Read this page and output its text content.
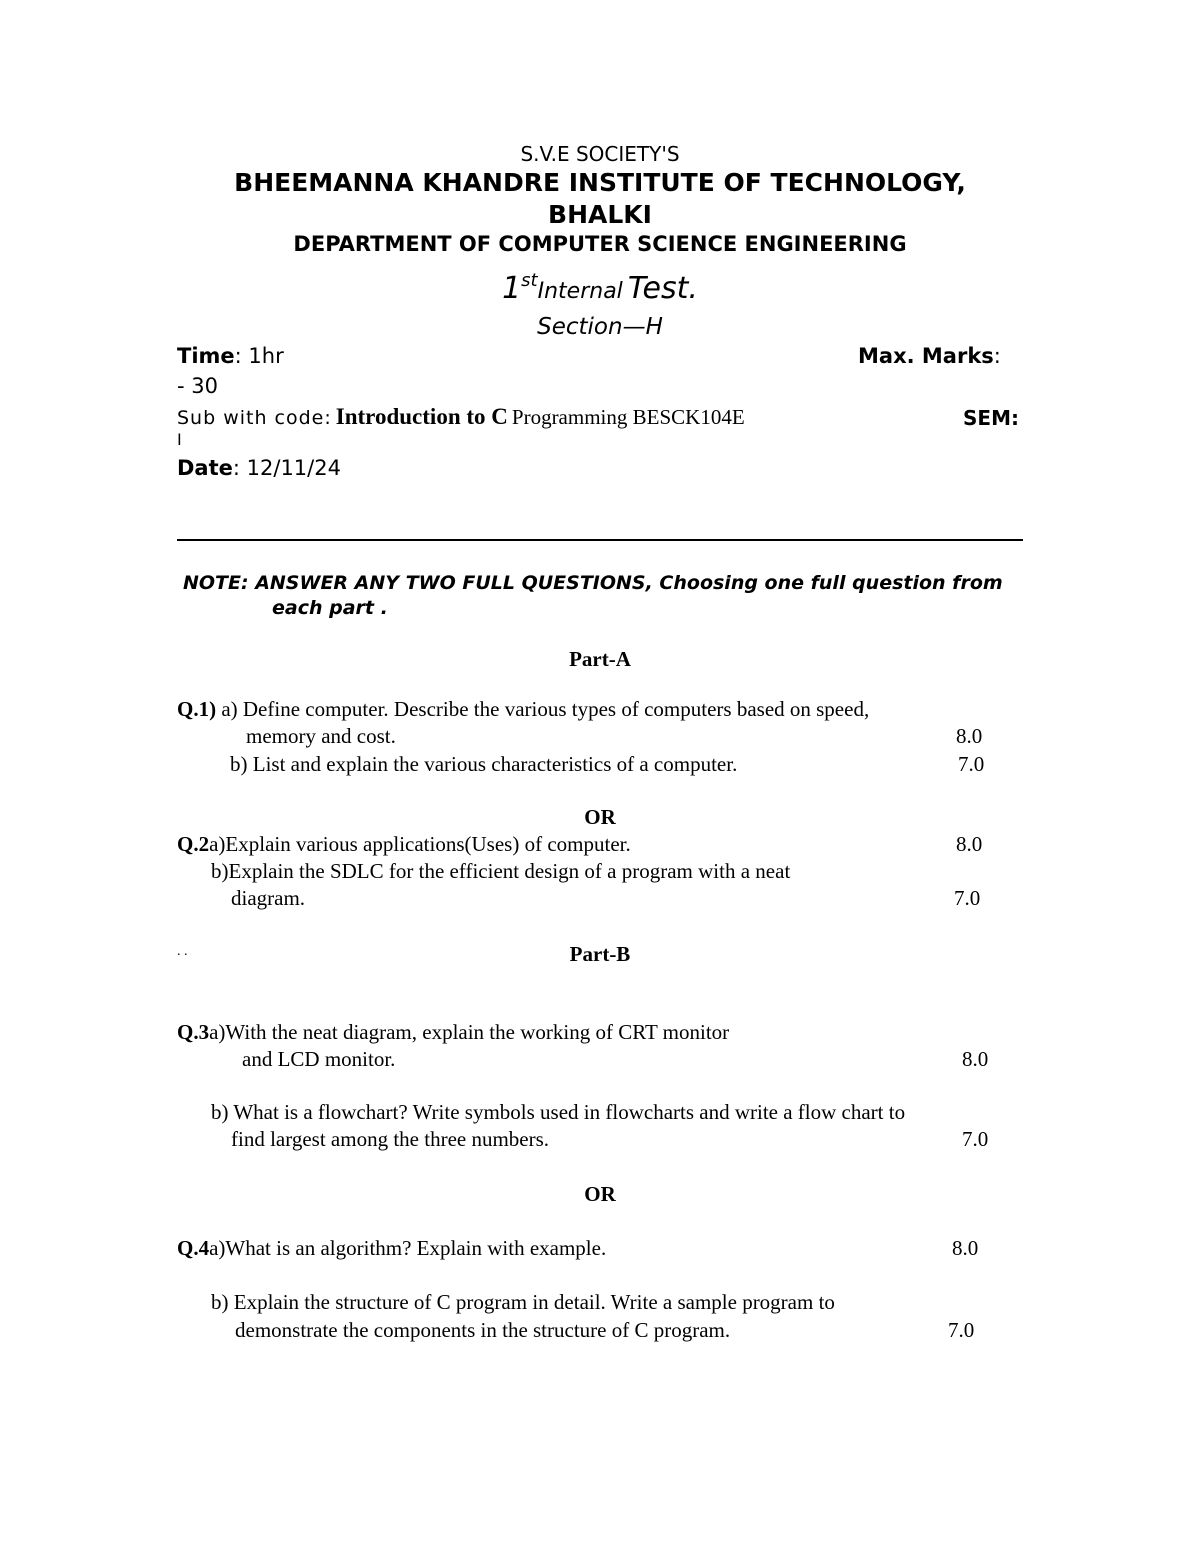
S.V.E SOCIETY'S
BHEEMANNA KHANDRE INSTITUTE OF TECHNOLOGY,
BHALKI
DEPARTMENT OF COMPUTER SCIENCE ENGINEERING
1stInternal Test.
Section—H
Time: 1hr	Max. Marks:
- 30
Sub with code: Introduction to C Programming BESCK104E	SEM:
I
Date: 12/11/24
NOTE: ANSWER ANY TWO FULL QUESTIONS, Choosing one full question from
each part .
Part-A
Q.1) a) Define computer. Describe the various types of computers based on speed,
memory and cost.	8.0
b) List and explain the various characteristics of a computer.	7.0
OR
Q.2a)Explain various applications(Uses) of computer.	8.0
b)Explain the SDLC for the efficient design of a program with a neat
diagram.	7.0
. .	Part-B
Q.3a)With the neat diagram, explain the working of CRT monitor
and LCD monitor.	8.0
b) What is a flowchart? Write symbols used in flowcharts and write a flow chart to
find largest among the three numbers.	7.0
OR
Q.4a)What is an algorithm? Explain with example.	8.0
b) Explain the structure of C program in detail. Write a sample program to
demonstrate the components in the structure of C program.	7.0
